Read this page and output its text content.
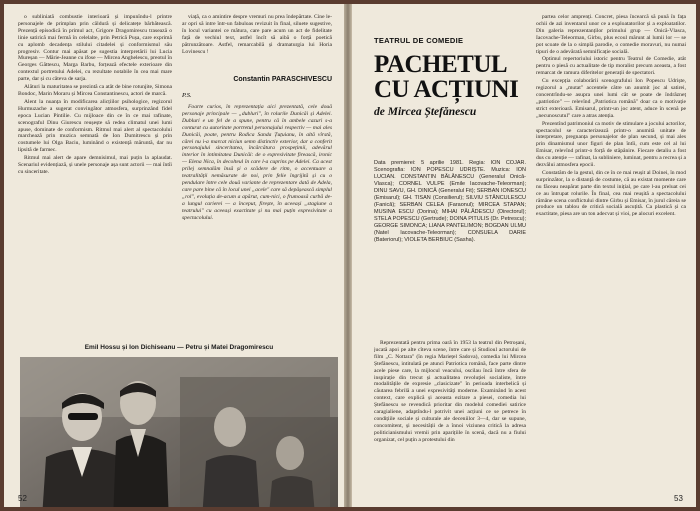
o subliniată combustie interioară și impunîndu-l printre personajele de primplan prin căldură și delicatețe bărbătească. Prezență episodică în primul act, Grigore Dragomirescu trasează o linie satirică mai fermă în celelalte, prin Petrică Pușa, care exprimă cu aplomb decadența stilului citadelei și conformismul său progresiv. Contur mai apăsat pe sugestia interpretării lui Lucia Mureșan — Mărie-Jeanne cu ifose — Mircea Anghelescu, preotul în Georges Găttescu, Marga Barbu, forțează efectele exterioare din contextul portretului Adelei, cu rezultate notabile în cea mai mare parte, dar și cu câteva de sarja.

Alături la maturitatea se prezintă ca atât de bine rotunjite, Simona Bondoc, Marin Moraru și Mircea Constantinescu, actori de marcă.

Alent la nuanța în modificarea alicțiilor psihologice, regizorul Hurmuzache a sugerat convingător atmosfera, surprinzând fidel epoca Lucian Pintilie. Cu mijloace din ce în ce mai rafinate, scenograful Dinu Giurescu reușește să redea climatul unei lumi apuse, dominate de conformism. Ritmul mai alert al spectacolului marchează prin muzica semnată de Ion Dumitrescu și prin costumele lui Olga Baciu, luminând o existență măruntă, dar nu lipsită de farmec.

Ritmul mai alert de apare demnisimul, mai puțin la aplaudat. Scenariul evidențiază, și unele personaje așa sunt actorii — mai întîi cu sinceritate.

viață, ca o amintire despre vremuri nu prea îndepărtate. Cine le-ar opri să intre într-un fabuloas revizuit în final, siluete sugestive, în locul variantei ce mătura, care pare acum un act de fidelitate față de vechiul text, astfel încît să aibă o forță poetică pătrunzătoare. Astfel, remarcabilă și dramaturgia lui Horia Lovinescu !

Constantin PARASCHIVESCU
P.S.

Foarte curios, în reprezentația aici prezentată, cele două personaje principale — „dubluri", în rolurile Dunicăi și Adelei. Dubluri e un fel de a spune, pentru că în ambele cazuri s-a conturat cu autoritate portretul personajului respectiv — mai ales Dunicăi, poate, pentru Rodica Sanda Țuțuianu, în altă vîrstă, cărei nu i-a marcat niciun semn distinctiv exterior, dar a conferit personajului sinceritatea, încărcătura prospețimii, adevărul interior în intimitatea Dunicăi: de o expresivitate firească, ironic — Elena Nica, în decolteul în care l-a cuprins pe Adelei. Ca acest prilej semnalăm însă și o scădere de ritm, o accentuare a teatralității nemăsurate de noi, prin felie îngrijită și cu o pendulare între cele două variante de reprezentare dată de Adela, care pare bine că în locul unei „acele" care să depășească simplul „rol", evoluția de-acum a apărut, cum-nici, o frumoasă curbă de-a lungul carierei — a început, firește, în aceeași „stagiune a teatrului" cu aceeași exactitate și nu mai puțin expresivitate a spectacolului.

Emil Hossu și Ion Dichiseanu — Petru și Matei Dragomirescu
52
TEATRUL DE COMEDIE
PACHETUL
CU ACȚIUNI
de Mircea Ștefănescu

Data premierei: 5 aprilie 1981. Regia: ION COJAR. Scenografia: ION POPESCU UDRIȘTE. Muzica: ION LUCIAN. CONSTANTIN BĂLĂNESCU (Generalul Onică-Vlasca); CORNEL VULPE (Emile Iacovache-Teleorman); DINU SAVU, GH. DINICĂ (Generalul Fit); SERBAN IONESCU (Emisarul); GH. TISAN (Consilierul); SILVIU STĂNCULESCU (Fanică); SERBAN CELEA (Faraonul); MIRCEA STAPAN; MUSINA ESCU (Dorina); MIHAI PĂLĂDESCU (Directorul); STELA POPESCU (Gertrude); DOINA PITULIS (Dr. Petrescu); GEORGE SIMONCA; LIANA PANTELIMON; BOGDAN ULMU (Natel Iacovache-Teleorman); CONSUELA DARIE (Bateriorul); VIOLETA BERBIUC (Sasha).

Reprezentată pentru prima oară în 1953 la teatrul din Petroșani, jucată apoi pe alte cîteva scene, între care și Studioul actorului de film „C. Nottara" (în regia Mariețel Sadova), comedia lui Mircea Ștefănescu, intitulată pe atunci Patriotica română, face parte dintre acele piese care, la mijlocul veacului, oscilau încă între sfera de inspirație din trecut și actualitatea revoluției socialiste, între modalitățile de expresie „clasicizate" în perioada interbelică și căutarea febrilă a unei expresivități moderne. Examinând în acest context, care explică și aceasta ezitare a piesei, comedia lui Ștefănescu se revendică prioritar din modelul comediei satirice caragialiene, adaptîndu-l potrivit unei acțiuni ce se petrece în condițiile sociale și culturale ale deceniilor 3—4, dar se supune, concomitent, și necesității de a înnoi viziunea critică la adresa politicianismului vremii prin aparițiile în scenă, dacă nu a fiului organizat, cel puțin a protestului din

partea celor amprenți. Concret, piesa încearcă să pună în fața ochii de azi inventarul unor ce a exploatatorilor și a exploatatilor. Din galeria reprezentanților primului grup — Onică-Vlasca, Iacovache-Teleorman, Girbu, plus ecoul mărunt al lumii lor — se pot scoate de la o simplă parodie, o comedie moravuri, nu numai tipuri de o adevărată semnificație socială.

Optimul repertoriului istoric pentru Teatrul de Comedie, atât pentru o piesă cu actualitate de tip moralist precum aceasta, a fost remarcat de ramura diferitelor generații de spectatori.

Cu excepția colaborării scenografului Ion Popescu Udriște, regizorul a „mutat" accentele către un anumit joc al satirei, concentrîndu-se asupra unei lumi cât se poate de îndrăzneț „patriotice" — relevînd „Patriotica română" doar ca o motivație strict exterioară. Emisarul, printr-un joc atent, aduce în scenă pe „necunoscutul" care a atras atenția.

Prezentînd patrimoniul ca motiv de stimulare a jocului actorilor, spectacolul se caracterizează printr-o anumită unitate de interpretare, pregnanța personajelor de plan secund, și mai ales prin dinamismul unor figuri de plan întîi, cum este cel al lui Emisar, relevînd printr-o forță de stăpânire. Fiecare detaliu a fost dus cu atenție — rafinat, la subliniere, luminat, pentru a recrea și a dezvălui atmosfera epocii.

Constatăm de la gestul, din ce în ce mai reușit al Doinei, în mod surprinzător, la o distanță de costume, că au existat momente care nu făceau neapărat parte din textul inițial, pe care l-au preluat cei ce au întrupat rolurile. În final, cea mai reușită a spectacolului rămâne scena conflictului dintre Girbu și Emisar, în jurul căreia se produce un tablou de critică socială ascuțită. Ca plastică și ca exactitate, piesa are un ton adecvat și vioi, pe alocuri excelent.

53
